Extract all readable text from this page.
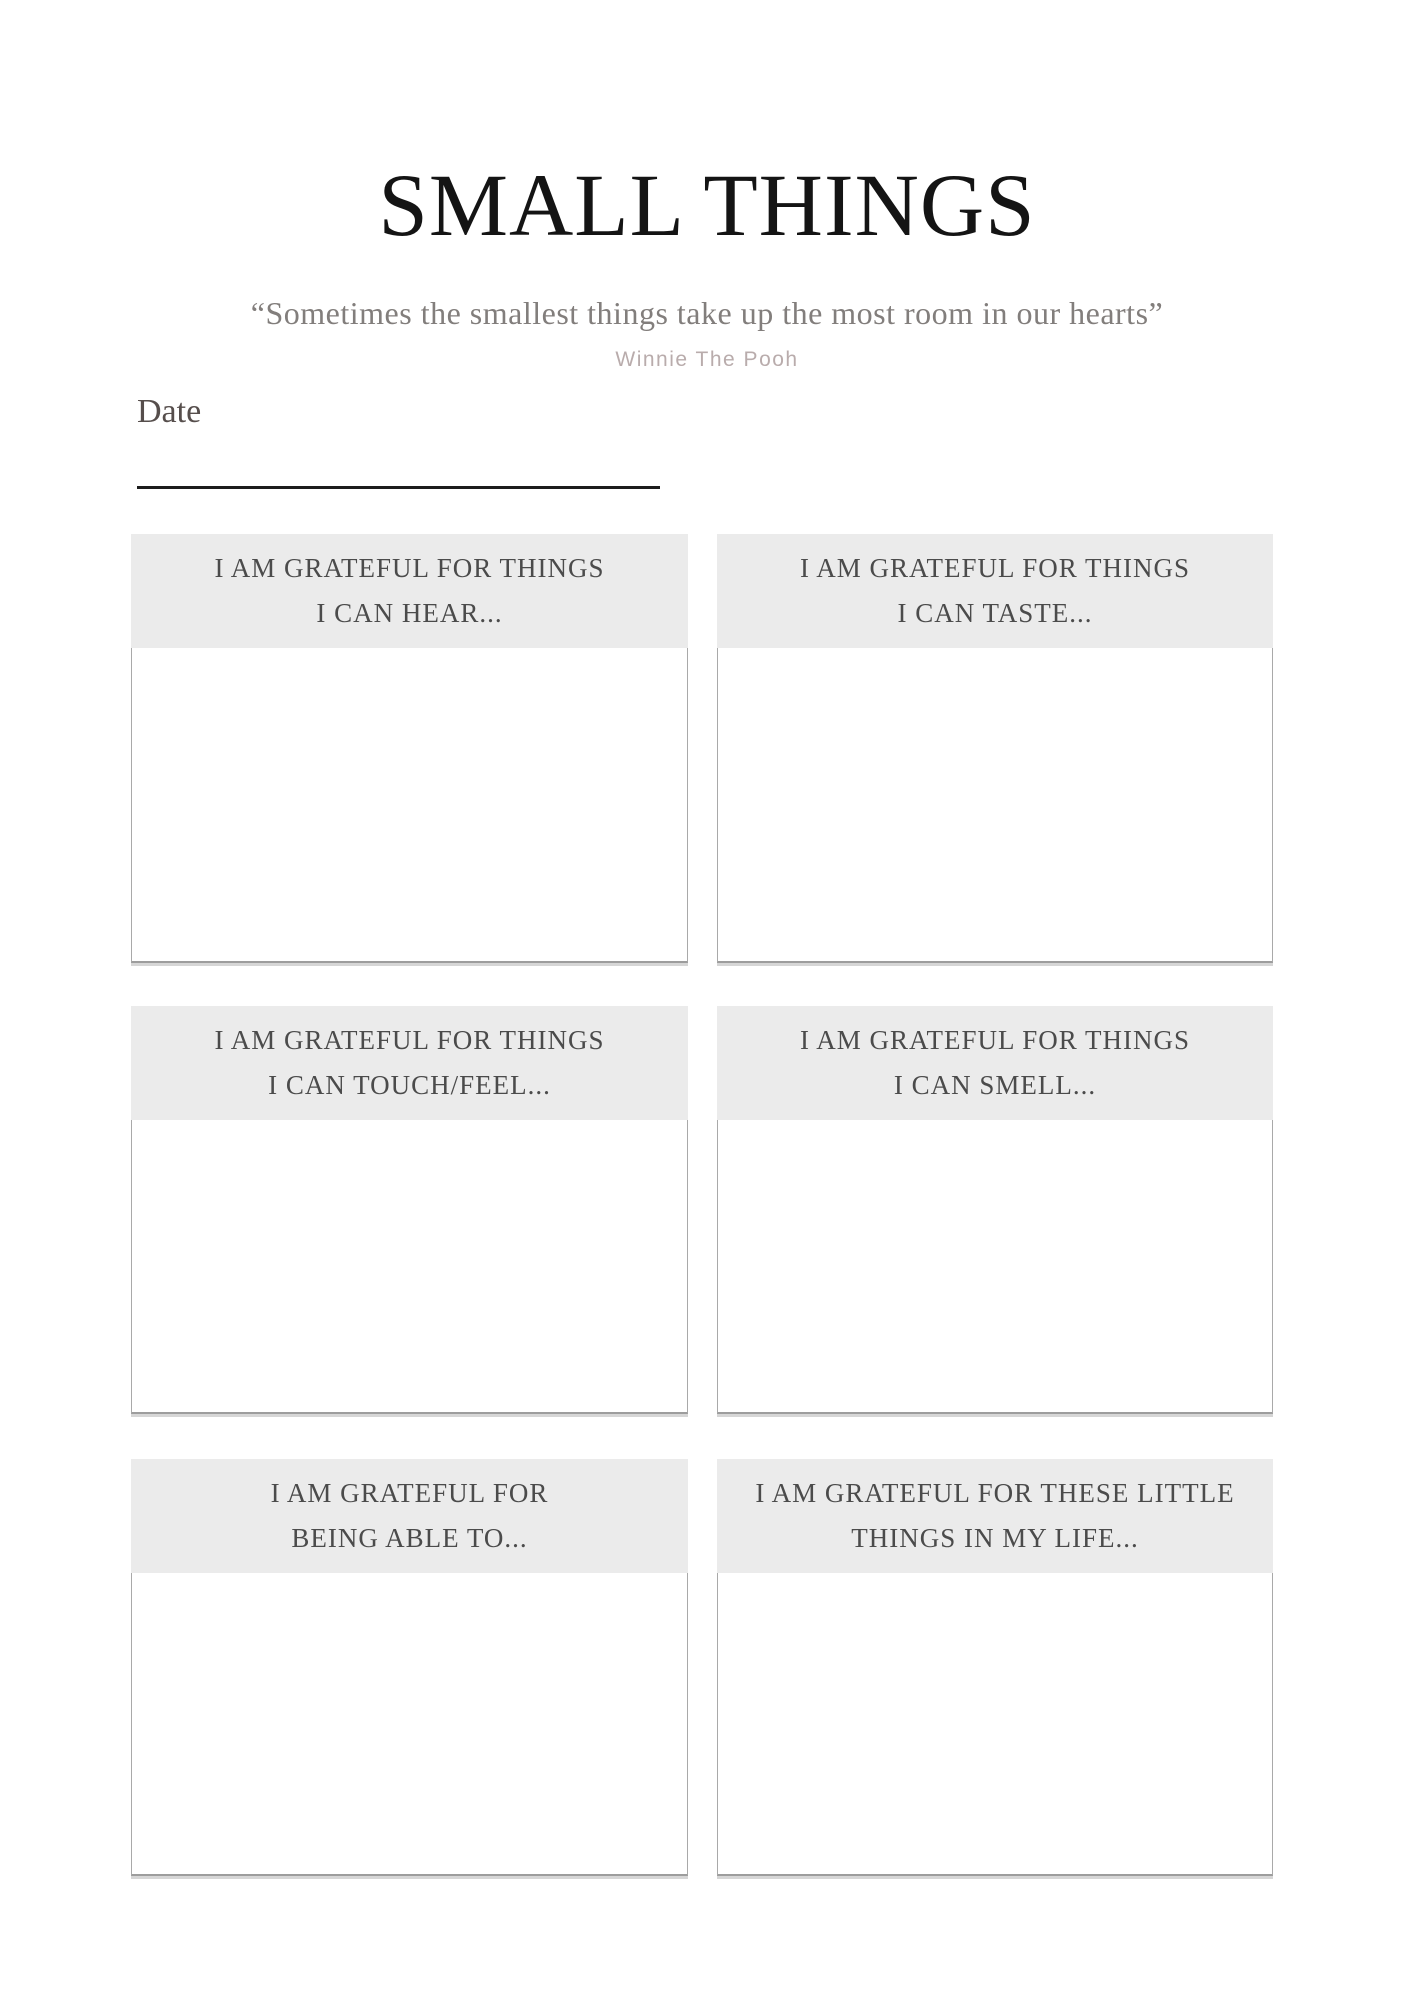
SMALL THINGS

“Sometimes the smallest things take up the most room in our hearts”

Winnie The Pooh

Date
I AM GRATEFUL FOR THINGS
I CAN HEAR...
I AM GRATEFUL FOR THINGS
I CAN TASTE...
I AM GRATEFUL FOR THINGS
I CAN TOUCH/FEEL...
I AM GRATEFUL FOR THINGS
I CAN SMELL...
I AM GRATEFUL FOR
BEING ABLE TO...
I AM GRATEFUL FOR THESE LITTLE
THINGS IN MY LIFE...
